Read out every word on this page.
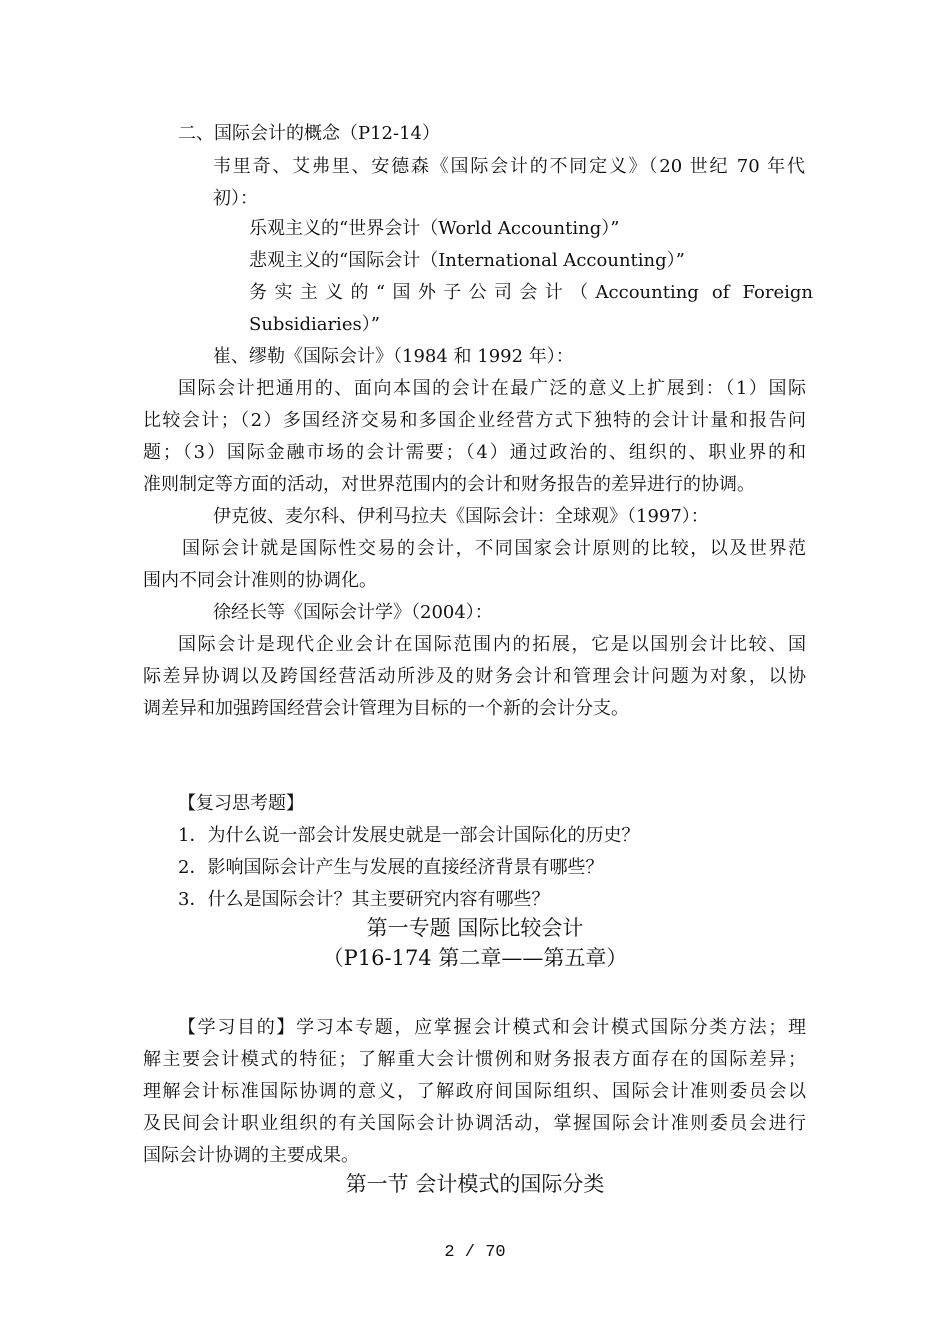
二、国际会计的概念（P12-14）
韦里奇、艾弗里、安德森《国际会计的不同定义》（20 世纪 70 年代
初）：
乐观主义的“世界会计（World Accounting）”
悲观主义的“国际会计（International Accounting）”
务实主义的“国外子公司会计（Accounting of Foreign
Subsidiaries）”
崔、缪勒《国际会计》（1984 和 1992 年）：
国际会计把通用的、面向本国的会计在最广泛的意义上扩展到：（1）国际
比较会计；（2）多国经济交易和多国企业经营方式下独特的会计计量和报告问
题；（3）国际金融市场的会计需要；（4）通过政治的、组织的、职业界的和
准则制定等方面的活动，对世界范围内的会计和财务报告的差异进行的协调。
伊克彼、麦尔科、伊利马拉夫《国际会计：全球观》（1997）：
国际会计就是国际性交易的会计，不同国家会计原则的比较，以及世界范
围内不同会计准则的协调化。
徐经长等《国际会计学》（2004）：
国际会计是现代企业会计在国际范围内的拓展，它是以国别会计比较、国
际差异协调以及跨国经营活动所涉及的财务会计和管理会计问题为对象，以协
调差异和加强跨国经营会计管理为目标的一个新的会计分支。
【复习思考题】
1．为什么说一部会计发展史就是一部会计国际化的历史？
2．影响国际会计产生与发展的直接经济背景有哪些？
3．什么是国际会计？其主要研究内容有哪些？
第一专题 国际比较会计
（P16-174 第二章——第五章）
【学习目的】学习本专题，应掌握会计模式和会计模式国际分类方法；理
解主要会计模式的特征；了解重大会计惯例和财务报表方面存在的国际差异；
理解会计标准国际协调的意义，了解政府间国际组织、国际会计准则委员会以
及民间会计职业组织的有关国际会计协调活动，掌握国际会计准则委员会进行
国际会计协调的主要成果。
第一节 会计模式的国际分类
2 / 70
